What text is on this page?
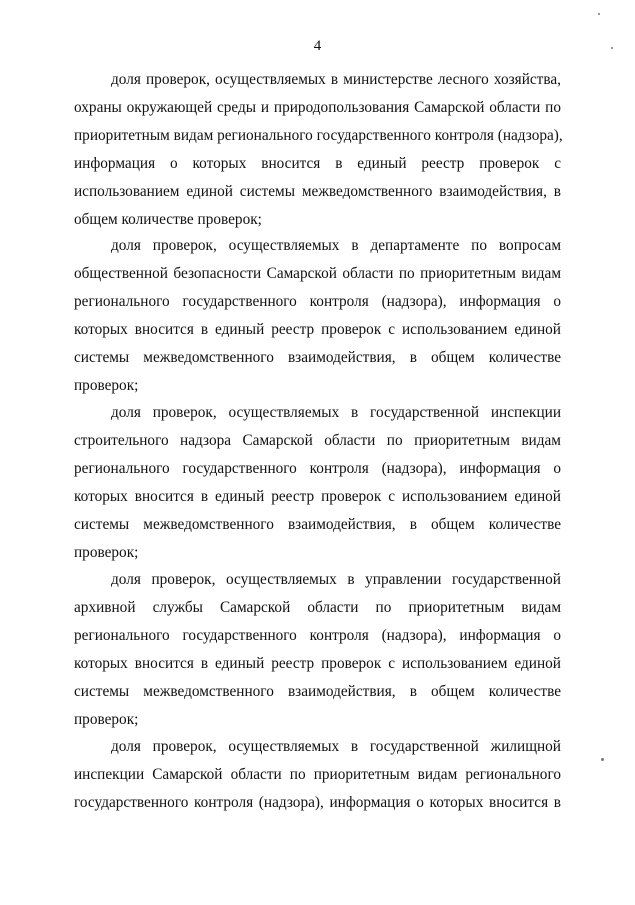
4

доля проверок, осуществляемых в министерстве лесного хозяйства,
охраны окружающей среды и природопользования Самарской области по
приоритетным видам регионального государственного контроля (надзора),
информация о которых вносится в единый реестр проверок с
использованием единой системы межведомственного взаимодействия, в
общем количестве проверок;

доля проверок, осуществляемых в департаменте по вопросам
общественной безопасности Самарской области по приоритетным видам
регионального государственного контроля (надзора), информация о
которых вносится в единый реестр проверок с использованием единой
системы межведомственного взаимодействия, в общем количестве
проверок;

доля проверок, осуществляемых в государственной инспекции
строительного надзора Самарской области по приоритетным видам
регионального государственного контроля (надзора), информация о
которых вносится в единый реестр проверок с использованием единой
системы межведомственного взаимодействия, в общем количестве
проверок;

доля проверок, осуществляемых в управлении государственной
архивной службы Самарской области по приоритетным видам
регионального государственного контроля (надзора), информация о
которых вносится в единый реестр проверок с использованием единой
системы межведомственного взаимодействия, в общем количестве
проверок;

доля проверок, осуществляемых в государственной жилищной
инспекции Самарской области по приоритетным видам регионального
государственного контроля (надзора), информация о которых вносится в
